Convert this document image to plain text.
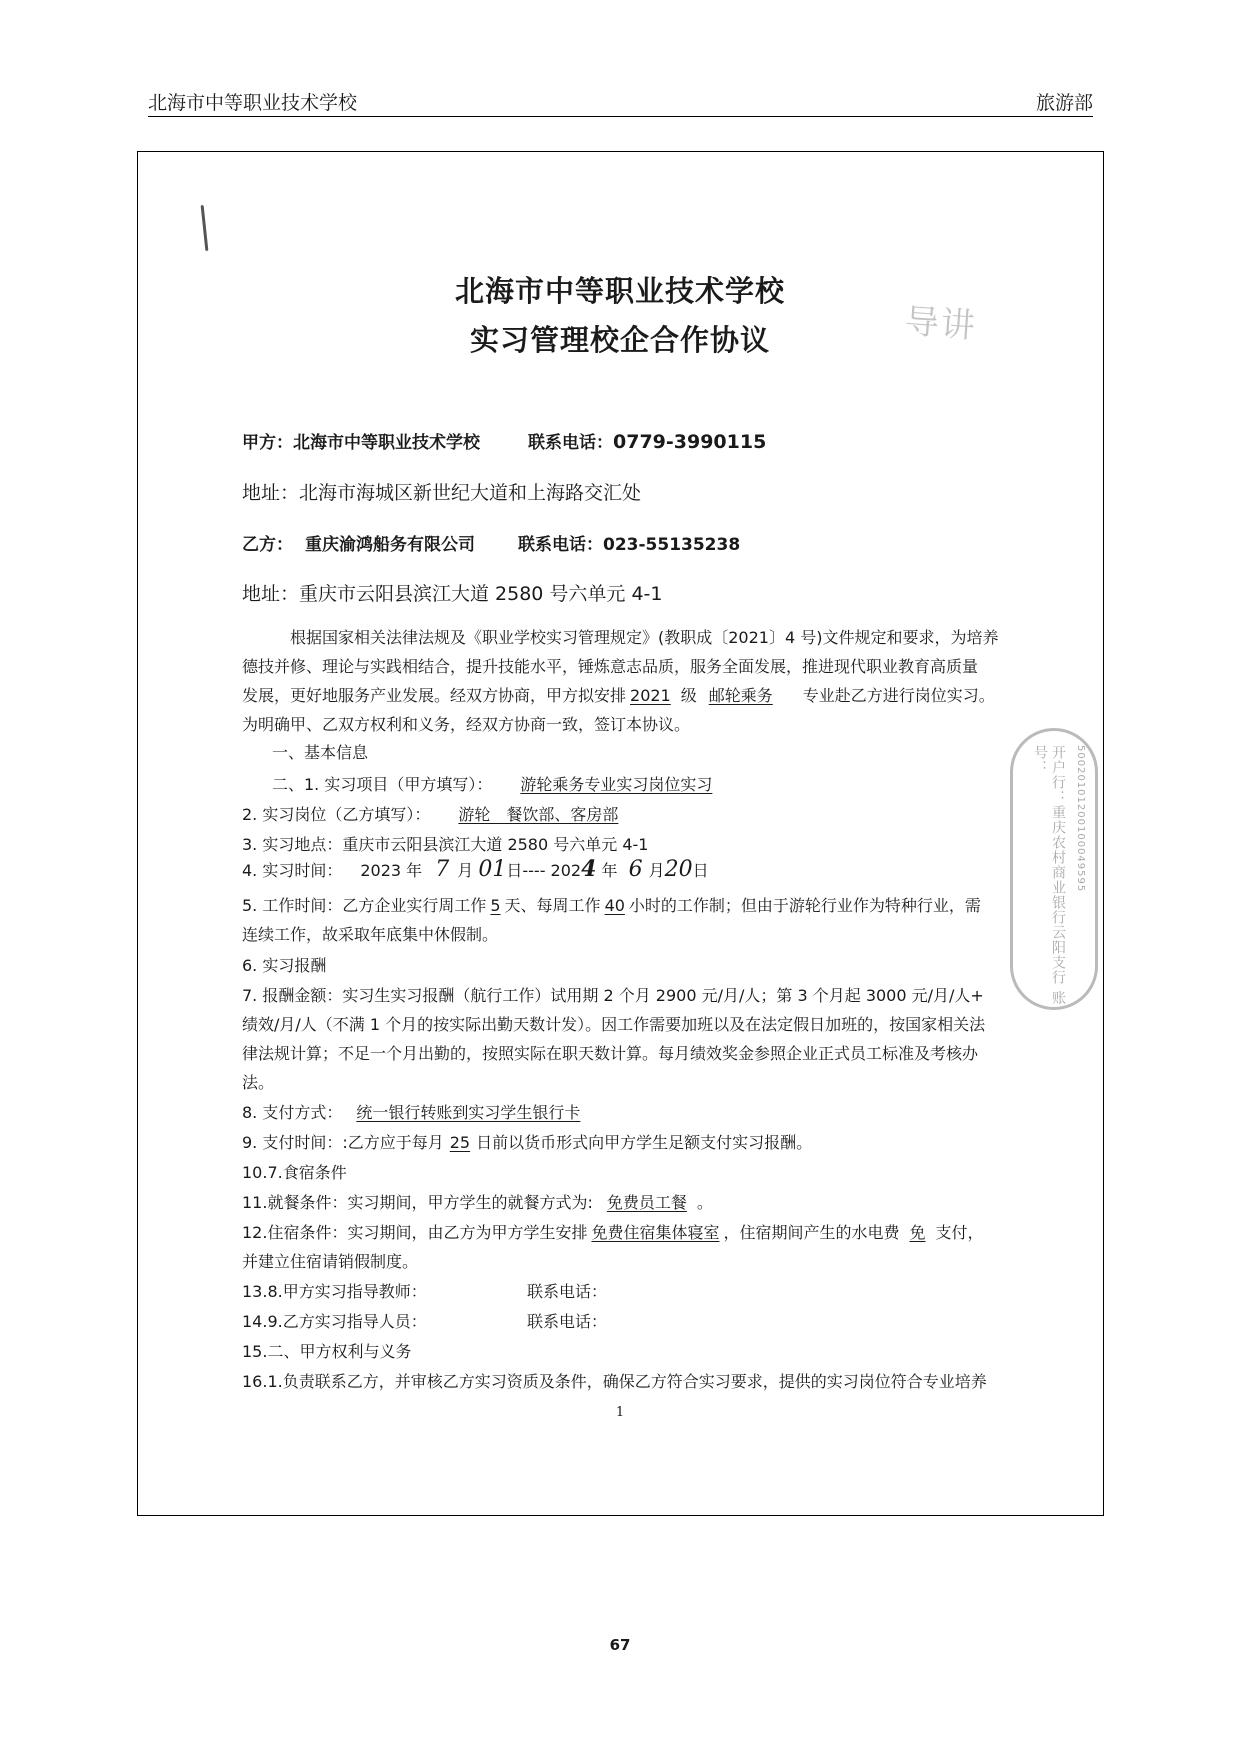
北海市中等职业技术学校	旅游部
导讲
北海市中等职业技术学校
实习管理校企合作协议
甲方：北海市中等职业技术学校	联系电话：0779-3990115
地址：北海市海城区新世纪大道和上海路交汇处
乙方： 重庆渝鸿船务有限公司	联系电话：023-55135238
地址：重庆市云阳县滨江大道 2580 号六单元 4-1
根据国家相关法律法规及《职业学校实习管理规定》(教职成〔2021〕4 号)文件规定和要求，为培养
德技并修、理论与实践相结合，提升技能水平，锤炼意志品质，服务全面发展，推进现代职业教育高质量
发展，更好地服务产业发展。经双方协商，甲方拟安排 2021 级 邮轮乘务 专业赴乙方进行岗位实习。
为明确甲、乙双方权利和义务，经双方协商一致，签订本协议。
一、基本信息
二、1. 实习项目（甲方填写）： 游轮乘务专业实习岗位实习
2. 实习岗位（乙方填写）： 游轮　餐饮部、客房部
3. 实习地点：重庆市云阳县滨江大道 2580 号六单元 4-1
4. 实习时间： 2023 年 7 月 01日---- 2024 年 6 月20日
5. 工作时间：乙方企业实行周工作 5 天、每周工作 40 小时的工作制；但由于游轮行业作为特种行业，需
连续工作，故采取年底集中休假制。
6. 实习报酬
7. 报酬金额：实习生实习报酬（航行工作）试用期 2 个月 2900 元/月/人；第 3 个月起 3000 元/月/人+
绩效/月/人（不满 1 个月的按实际出勤天数计发）。因工作需要加班以及在法定假日加班的，按国家相关法
律法规计算；不足一个月出勤的，按照实际在职天数计算。每月绩效奖金参照企业正式员工标准及考核办
法。
8. 支付方式： 统一银行转账到实习学生银行卡
9. 支付时间：:乙方应于每月 25 日前以货币形式向甲方学生足额支付实习报酬。
10.7.食宿条件
11.就餐条件：实习期间，甲方学生的就餐方式为: 免费员工餐 。
12.住宿条件：实习期间，由乙方为甲方学生安排 免费住宿集体寝室 ，住宿期间产生的水电费 免 支付，
并建立住宿请销假制度。
13.8.甲方实习指导教师：	联系电话：
14.9.乙方实习指导人员：	联系电话：
15.二、甲方权利与义务
16.1.负责联系乙方，并审核乙方实习资质及条件，确保乙方符合实习要求，提供的实习岗位符合专业培养
开户行：重庆农村商业银行云阳支行 账号：	50020101200100049595
1
67
